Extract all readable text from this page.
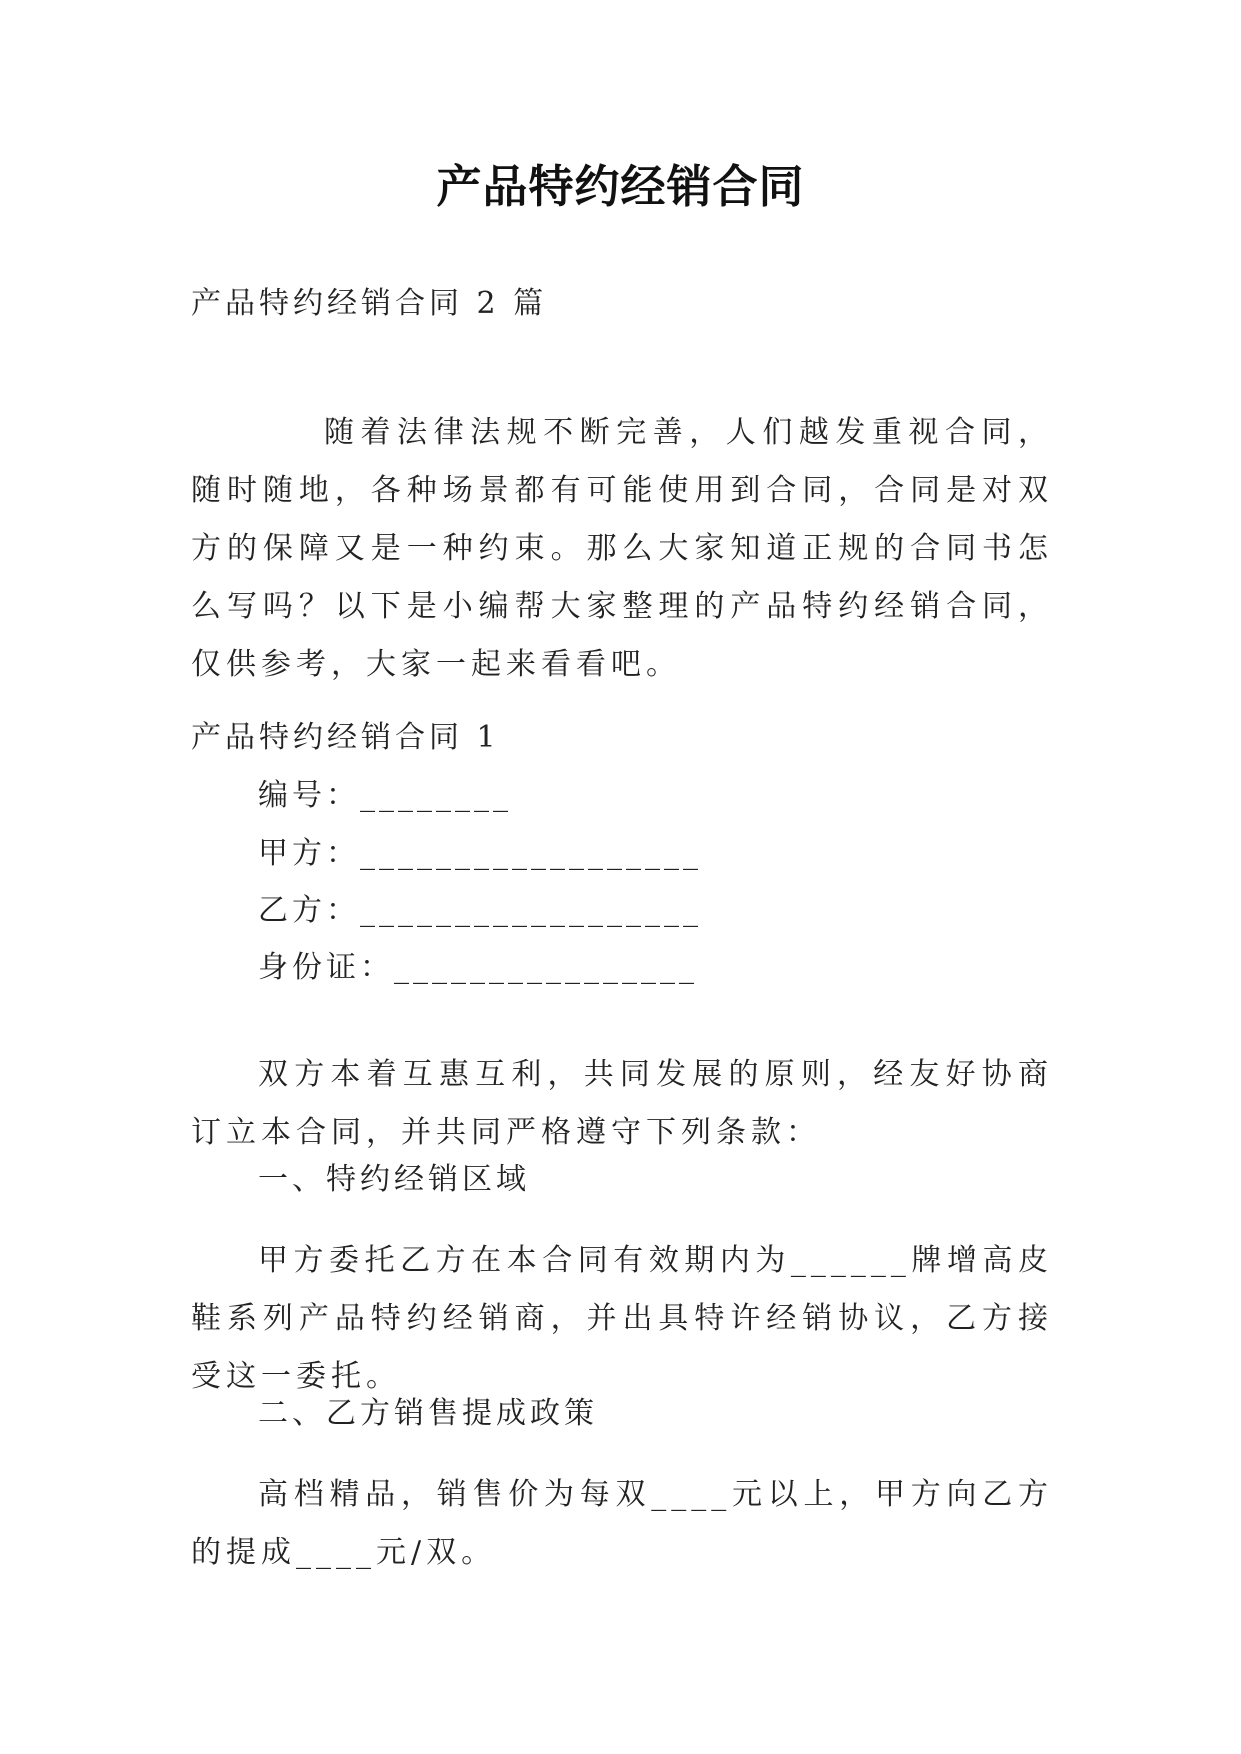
产品特约经销合同
产品特约经销合同 2 篇
随着法律法规不断完善，人们越发重视合同，随时随地，各种场景都有可能使用到合同，合同是对双方的保障又是一种约束。那么大家知道正规的合同书怎么写吗？以下是小编帮大家整理的产品特约经销合同，仅供参考，大家一起来看看吧。
产品特约经销合同 1
编号：________
甲方：__________________
乙方：__________________
身份证：________________
双方本着互惠互利，共同发展的原则，经友好协商订立本合同，并共同严格遵守下列条款：
一、特约经销区域
甲方委托乙方在本合同有效期内为______牌增高皮鞋系列产品特约经销商，并出具特许经销协议，乙方接受这一委托。
二、乙方销售提成政策
高档精品，销售价为每双____元以上，甲方向乙方的提成____元/双。
